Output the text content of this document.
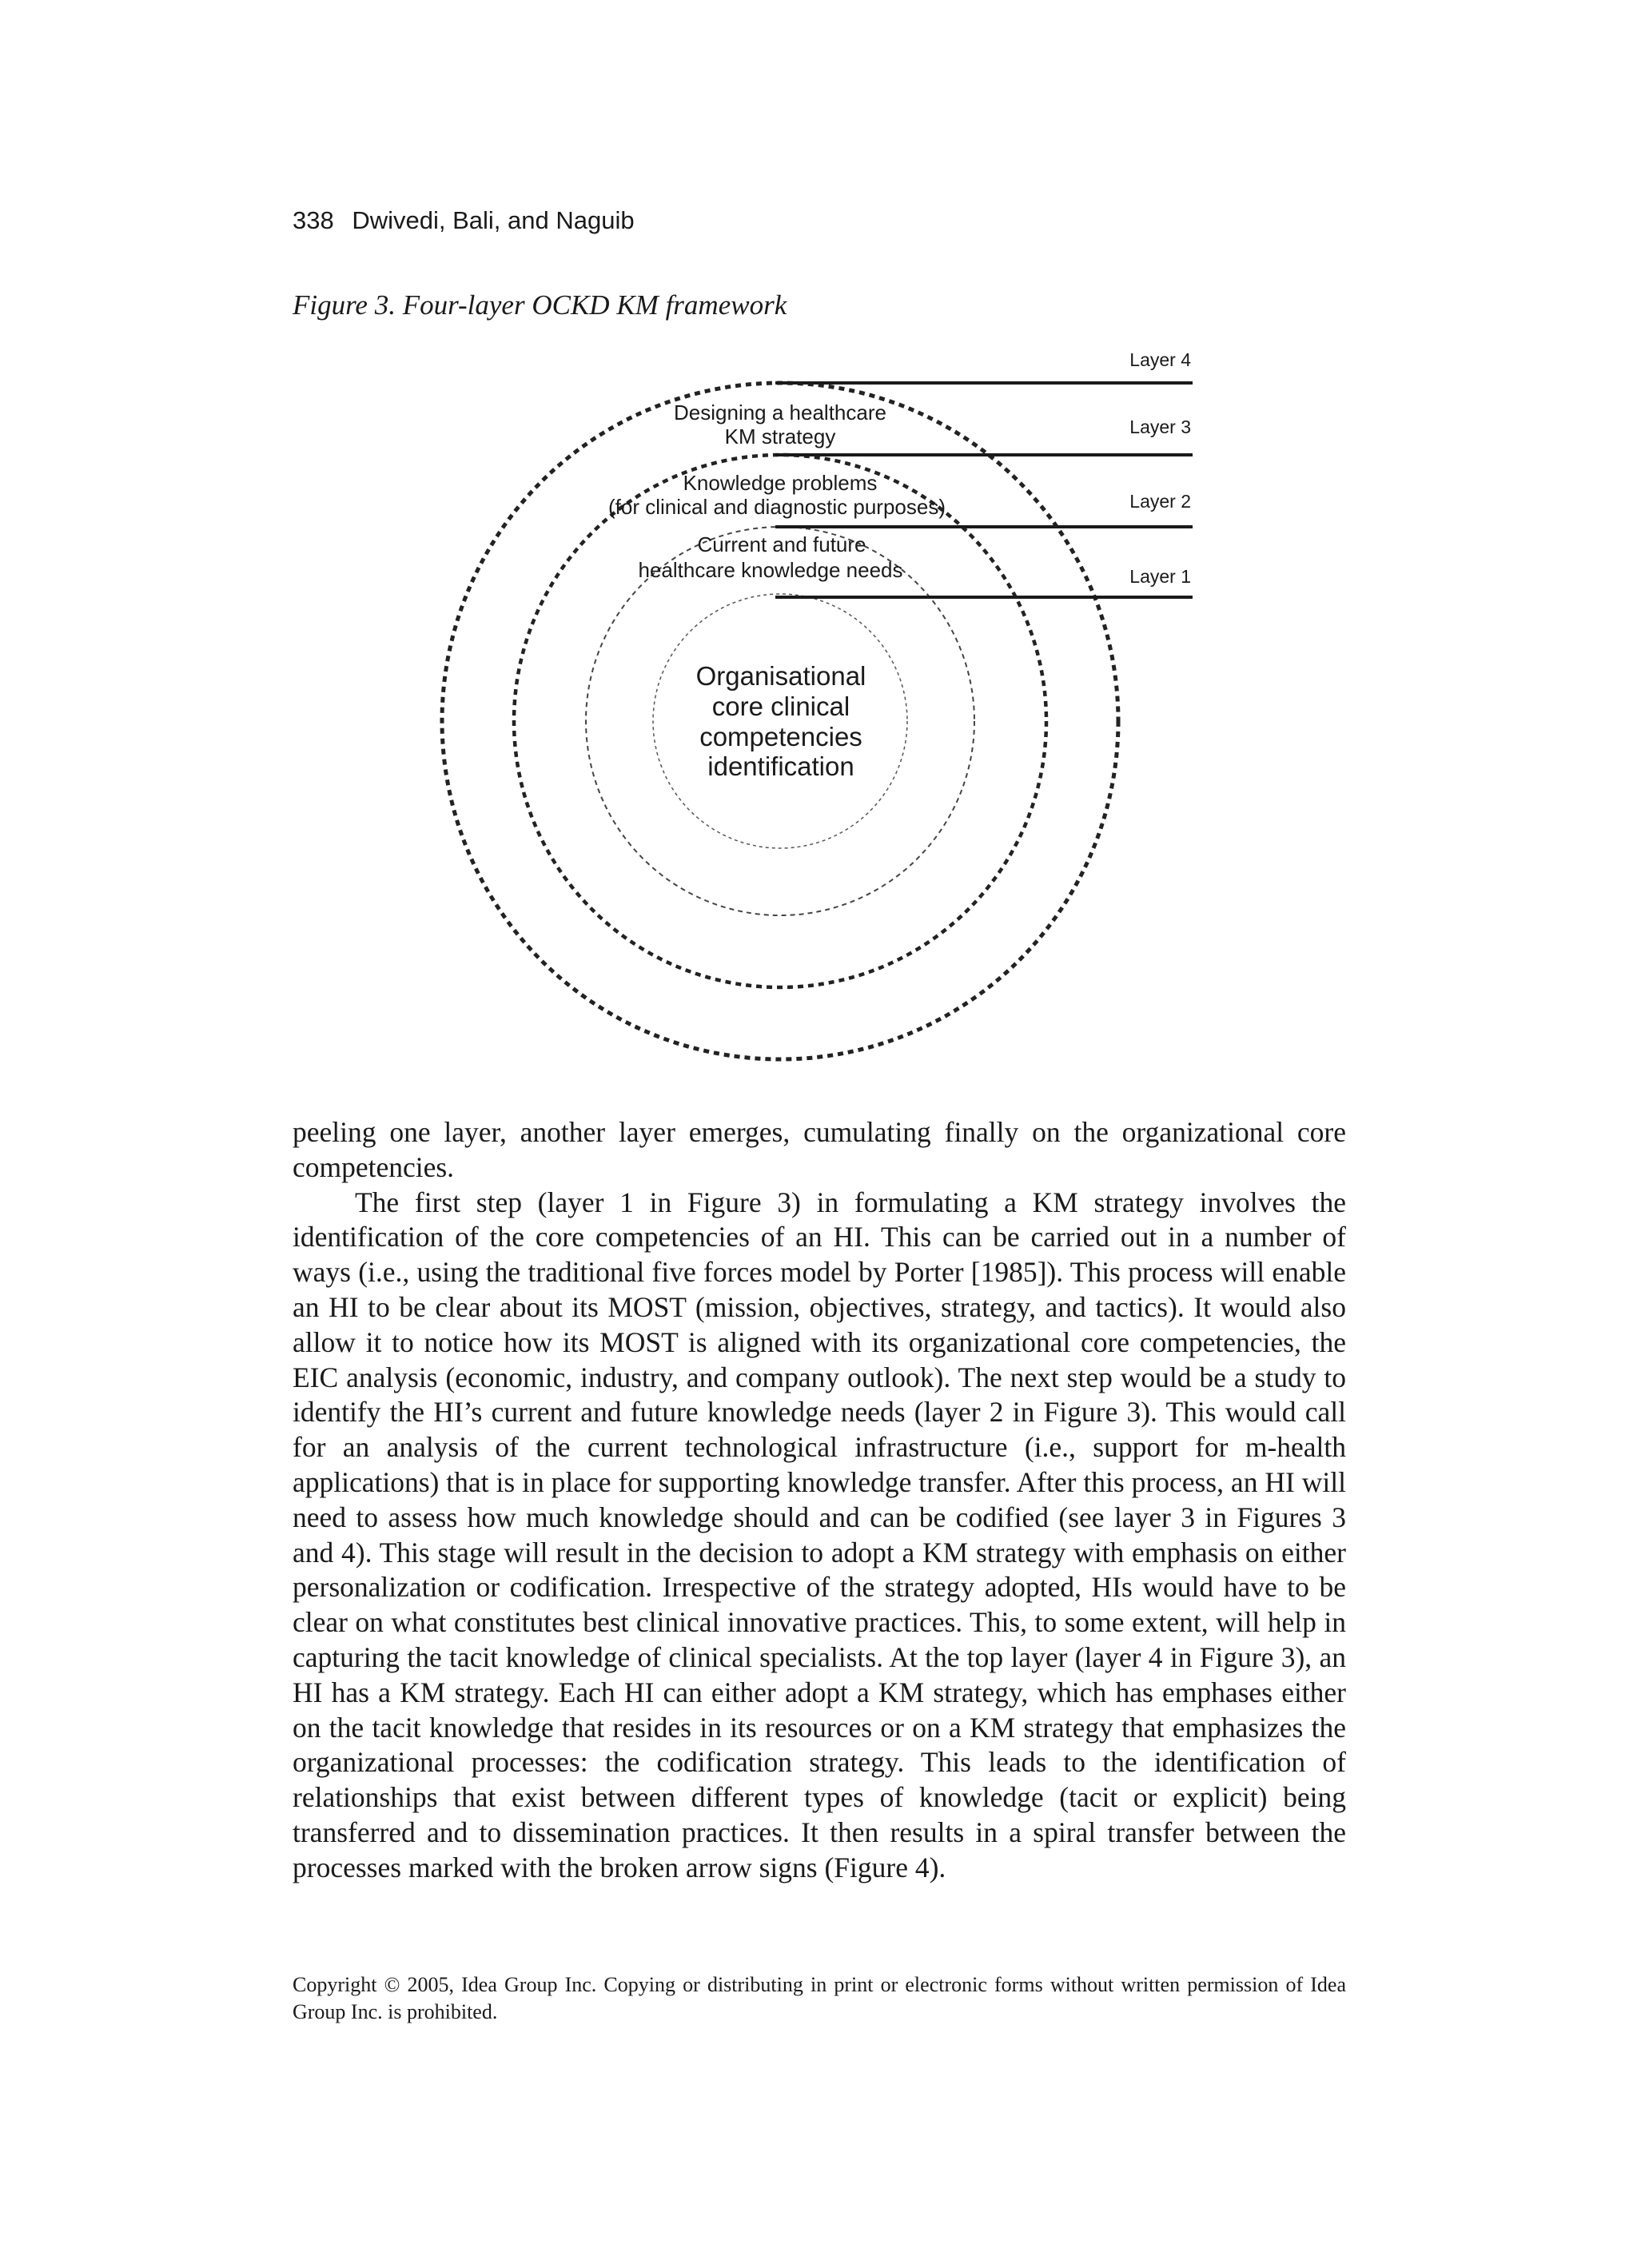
338 Dwivedi, Bali, and Naguib
Figure 3. Four-layer OCKD KM framework
Layer 4
Layer 3
Layer 2
Layer 1
Designing a healthcare
KM strategy
Knowledge problems
(for clinical and diagnostic purposes)
Current and future
healthcare knowledge needs
Organisational
core clinical
competencies
identification

peeling one layer, another layer emerges, cumulating finally on the organizational core competencies.

The first step (layer 1 in Figure 3) in formulating a KM strategy involves the identification of the core competencies of an HI. This can be carried out in a number of ways (i.e., using the traditional five forces model by Porter [1985]). This process will enable an HI to be clear about its MOST (mission, objectives, strategy, and tactics). It would also allow it to notice how its MOST is aligned with its organizational core competencies, the EIC analysis (economic, industry, and company outlook). The next step would be a study to identify the HI’s current and future knowledge needs (layer 2 in Figure 3). This would call for an analysis of the current technological infrastructure (i.e., support for m-health applications) that is in place for supporting knowledge transfer. After this process, an HI will need to assess how much knowledge should and can be codified (see layer 3 in Figures 3 and 4). This stage will result in the decision to adopt a KM strategy with emphasis on either personalization or codification. Irrespective of the strategy adopted, HIs would have to be clear on what constitutes best clinical innovative practices. This, to some extent, will help in capturing the tacit knowledge of clinical specialists. At the top layer (layer 4 in Figure 3), an HI has a KM strategy. Each HI can either adopt a KM strategy, which has emphases either on the tacit knowledge that resides in its resources or on a KM strategy that emphasizes the organizational processes: the codification strategy. This leads to the identification of relationships that exist between different types of knowledge (tacit or explicit) being transferred and to dissemination practices. It then results in a spiral transfer between the processes marked with the broken arrow signs (Figure 4).

Copyright © 2005, Idea Group Inc. Copying or distributing in print or electronic forms without written permission of Idea Group Inc. is prohibited.
